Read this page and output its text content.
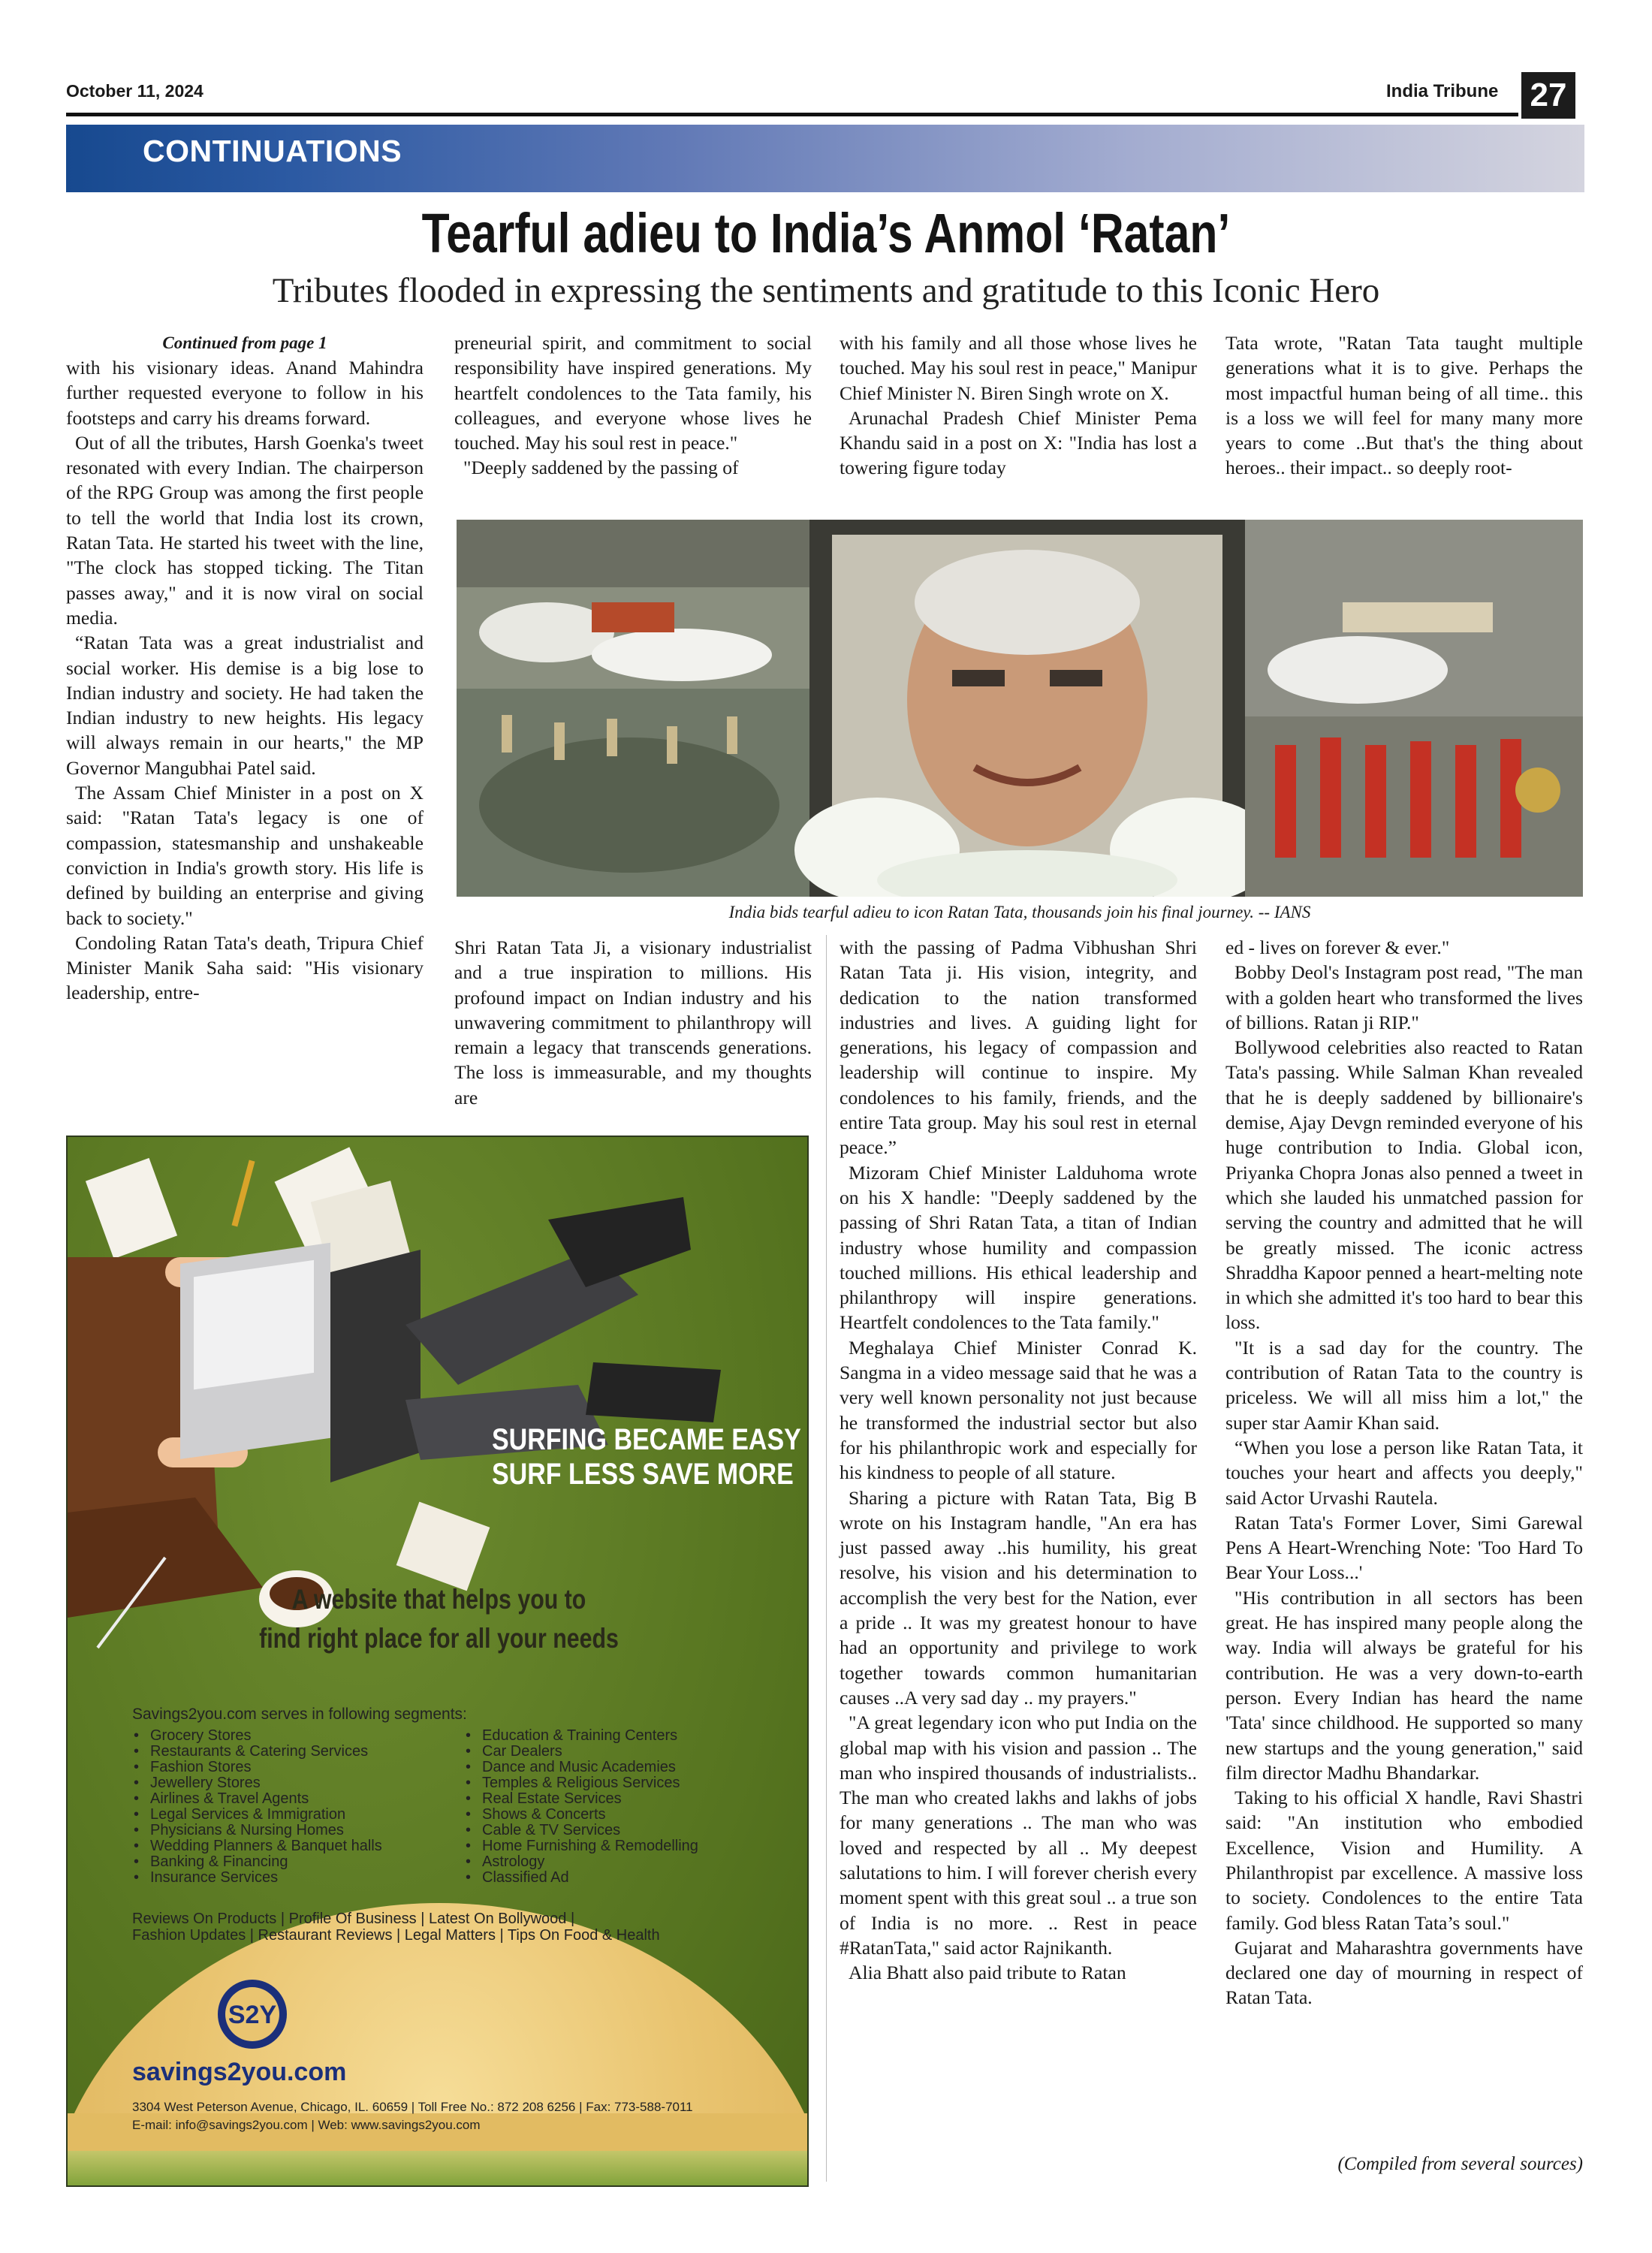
October 11, 2024	India Tribune 27
CONTINUATIONS
Tearful adieu to India’s Anmol ‘Ratan’
Tributes flooded in expressing the sentiments and gratitude to this Iconic Hero
Continued from page 1

with his visionary ideas. Anand Mahindra further requested everyone to follow in his footsteps and carry his dreams forward.

Out of all the tributes, Harsh Goenka's tweet resonated with every Indian. The chairperson of the RPG Group was among the first people to tell the world that India lost its crown, Ratan Tata. He started his tweet with the line, "The clock has stopped ticking. The Titan passes away," and it is now viral on social media.

“Ratan Tata was a great industrialist and social worker. His demise is a big lose to Indian industry and society. He had taken the Indian industry to new heights. His legacy will always remain in our hearts," the MP Governor Mangubhai Patel said.

The Assam Chief Minister in a post on X said: "Ratan Tata's legacy is one of compassion, statesmanship and unshakeable conviction in India's growth story. His life is defined by building an enterprise and giving back to society."

Condoling Ratan Tata's death, Tripura Chief Minister Manik Saha said: "His visionary leadership, entre-

preneurial spirit, and commitment to social responsibility have inspired generations. My heartfelt condolences to the Tata family, his colleagues, and everyone whose lives he touched. May his soul rest in peace."

"Deeply saddened by the passing of

with his family and all those whose lives he touched. May his soul rest in peace," Manipur Chief Minister N. Biren Singh wrote on X.

Arunachal Pradesh Chief Minister Pema Khandu said in a post on X: "India has lost a towering figure today

Tata wrote, "Ratan Tata taught multiple generations what it is to give. Perhaps the most impactful human being of all time.. this is a loss we will feel for many many more years to come ..But that's the thing about heroes.. their impact.. so deeply root-

India bids tearful adieu to icon Ratan Tata, thousands join his final journey. -- IANS

Shri Ratan Tata Ji, a visionary industrialist and a true inspiration to millions. His profound impact on Indian industry and his unwavering commitment to philanthropy will remain a legacy that transcends generations. The loss is immeasurable, and my thoughts are

with the passing of Padma Vibhushan Shri Ratan Tata ji. His vision, integrity, and dedication to the nation transformed industries and lives. A guiding light for generations, his legacy of compassion and leadership will continue to inspire. My condolences to his family, friends, and the entire Tata group. May his soul rest in eternal peace.”

Mizoram Chief Minister Lalduhoma wrote on his X handle: "Deeply saddened by the passing of Shri Ratan Tata, a titan of Indian industry whose humility and compassion touched millions. His ethical leadership and philanthropy will inspire generations. Heartfelt condolences to the Tata family."

Meghalaya Chief Minister Conrad K. Sangma in a video message said that he was a very well known personality not just because he transformed the industrial sector but also for his philanthropic work and especially for his kindness to people of all stature.

Sharing a picture with Ratan Tata, Big B wrote on his Instagram handle, "An era has just passed away ..his humility, his great resolve, his vision and his determination to accomplish the very best for the Nation, ever a pride .. It was my greatest honour to have had an opportunity and privilege to work together towards common humanitarian causes ..A very sad day .. my prayers."

"A great legendary icon who put India on the global map with his vision and passion .. The man who inspired thousands of industrialists.. The man who created lakhs and lakhs of jobs for many generations .. The man who was loved and respected by all .. My deepest salutations to him. I will forever cherish every moment spent with this great soul .. a true son of India is no more. .. Rest in peace #RatanTata," said actor Rajnikanth.

Alia Bhatt also paid tribute to Ratan

ed - lives on forever & ever."

Bobby Deol's Instagram post read, "The man with a golden heart who transformed the lives of billions. Ratan ji RIP."

Bollywood celebrities also reacted to Ratan Tata's passing. While Salman Khan revealed that he is deeply saddened by billionaire's demise, Ajay Devgn reminded everyone of his huge contribution to India. Global icon, Priyanka Chopra Jonas also penned a tweet in which she lauded his unmatched passion for serving the country and admitted that he will be greatly missed. The iconic actress Shraddha Kapoor penned a heart-melting note in which she admitted it's too hard to bear this loss.

"It is a sad day for the country. The contribution of Ratan Tata to the country is priceless. We will all miss him a lot," the super star Aamir Khan said.

“When you lose a person like Ratan Tata, it touches your heart and affects you deeply," said Actor Urvashi Rautela.

Ratan Tata's Former Lover, Simi Garewal Pens A Heart-Wrenching Note: 'Too Hard To Bear Your Loss...'

"His contribution in all sectors has been great. He has inspired many people along the way. India will always be grateful for his contribution. He was a very down-to-earth person. Every Indian has heard the name 'Tata' since childhood. He supported so many new startups and the young generation," said film director Madhu Bhandarkar.

Taking to his official X handle, Ravi Shastri said: "An institution who embodied Excellence, Vision and Humility. A Philanthropist par excellence. A massive loss to society. Condolences to the entire Tata family. God bless Ratan Tata’s soul."

Gujarat and Maharashtra governments have declared one day of mourning in respect of Ratan Tata.

(Compiled from several sources)
SURFING BECAME EASY
SURF LESS SAVE MORE
A website that helps you to
find right place for all your needs
Savings2you.com serves in following segments:
• Grocery Stores
• Restaurants & Catering Services
• Fashion Stores
• Jewellery Stores
• Airlines & Travel Agents
• Legal Services & Immigration
• Physicians & Nursing Homes
• Wedding Planners & Banquet halls
• Banking & Financing
• Insurance Services
• Education & Training Centers
• Car Dealers
• Dance and Music Academies
• Temples & Religious Services
• Real Estate Services
• Shows & Concerts
• Cable & TV Services
• Home Furnishing & Remodelling
• Astrology
• Classified Ad
Reviews On Products | Profile Of Business | Latest On Bollywood |
Fashion Updates | Restaurant Reviews | Legal Matters | Tips On Food & Health
S2Y
savings2you.com
3304 West Peterson Avenue, Chicago, IL. 60659 | Toll Free No.: 872 208 6256 | Fax: 773-588-7011
E-mail: info@savings2you.com | Web: www.savings2you.com
